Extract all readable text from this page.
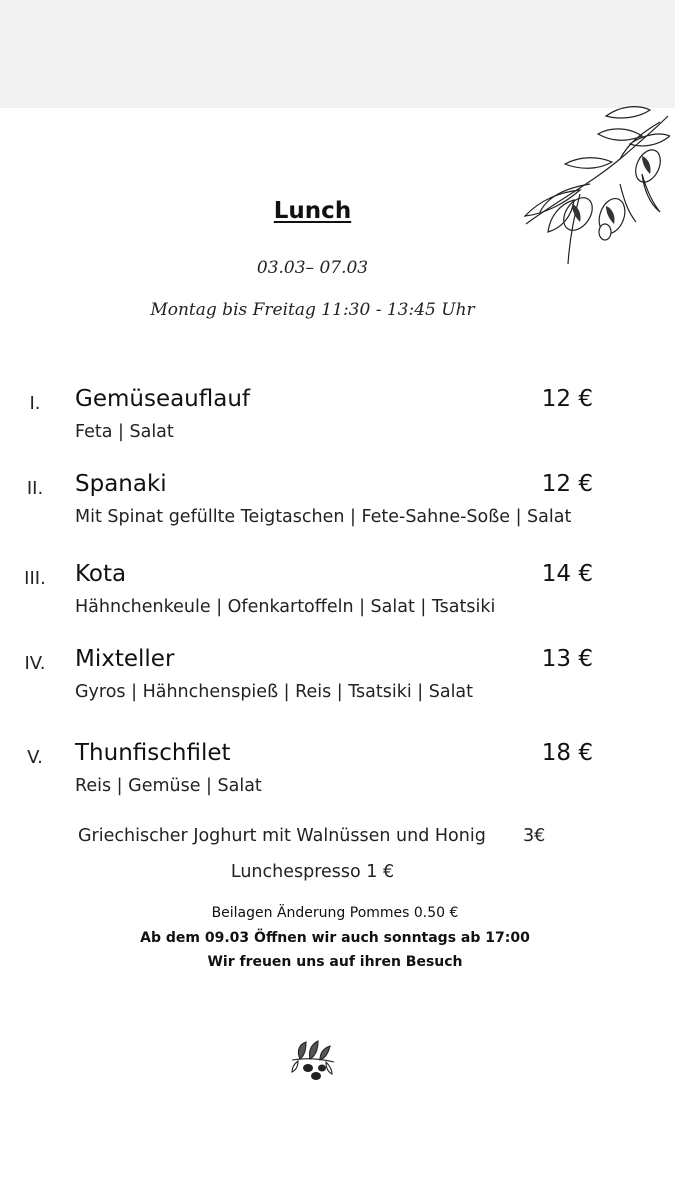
Lunch
03.03– 07.03
Montag bis Freitag 11:30 - 13:45 Uhr
I.	Gemüseauflauf	12 €
Feta | Salat
II.	Spanaki	12 €
Mit Spinat gefüllte Teigtaschen | Fete-Sahne-Soße | Salat
III.	Kota	14 €
Hähnchenkeule | Ofenkartoffeln | Salat | Tsatsiki
IV.	Mixteller	13 €
Gyros | Hähnchenspieß | Reis | Tsatsiki | Salat
V.	Thunfischfilet	18 €
Reis | Gemüse | Salat
Griechischer Joghurt mit Walnüssen und Honig 3€
Lunchespresso 1 €
Beilagen Änderung Pommes 0.50 €
Ab dem 09.03 Öffnen wir auch sonntags ab 17:00
Wir freuen uns auf ihren Besuch
